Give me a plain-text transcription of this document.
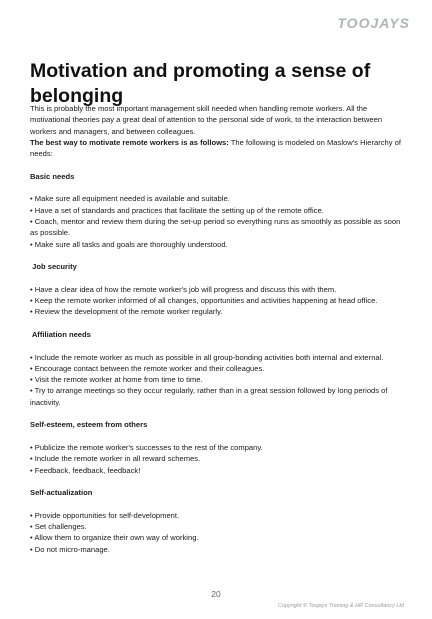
TOOJAYS
Motivation and promoting a sense of belonging

This is probably the most important management skill needed when handling remote workers. All the motivational theories pay a great deal of attention to the personal side of work, to the interaction between workers and managers, and between colleagues.

The best way to motivate remote workers is as follows: The following is modeled on Maslow's Hierarchy of needs:

Basic needs

• Make sure all equipment needed is available and suitable.

• Have a set of standards and practices that facilitate the setting up of the remote office.

• Coach, mentor and review them during the set-up period so everything runs as smoothly as possible as soon as possible.

• Make sure all tasks and goals are thoroughly understood.

Job security

• Have a clear idea of how the remote worker's job will progress and discuss this with them.

• Keep the remote worker informed of all changes, opportunities and activities happening at head office.

• Review the development of the remote worker regularly.

Affiliation needs

• Include the remote worker as much as possible in all group-bonding activities both internal and external.

• Encourage contact between the remote worker and their colleagues.

• Visit the remote worker at home from time to time.

• Try to arrange meetings so they occur regularly, rather than in a great session followed by long periods of inactivity.

Self-esteem, esteem from others

• Publicize the remote worker's successes to the rest of the company.

• Include the remote worker in all reward schemes.

• Feedback, feedback, feedback!

Self-actualization

• Provide opportunities for self-development.

• Set challenges.

• Allow them to organize their own way of working.

• Do not micro-manage.

20
Copyright © Toojays Training & HR Consultancy Ltd
